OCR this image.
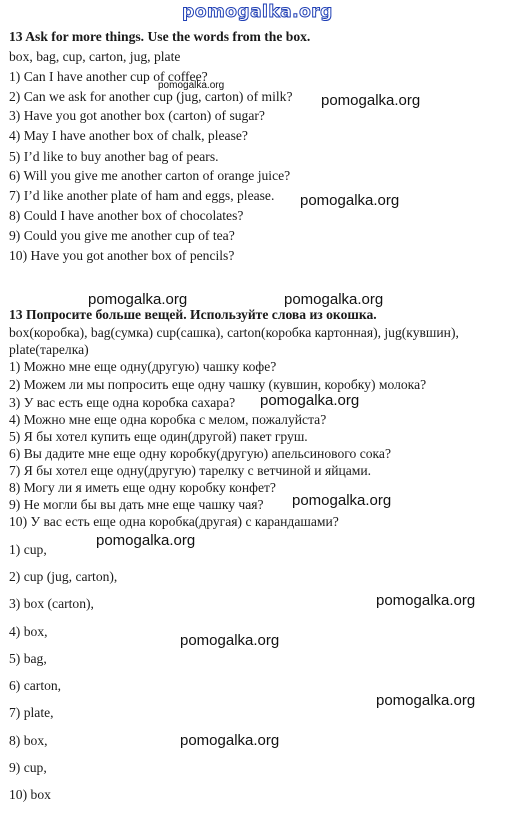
pomogalka.org
13 Ask for more things. Use the words from the box.
box, bag, cup, carton, jug, plate
1) Can I have another cup of coffee?
2) Can we ask for another cup (jug, carton) of milk?
3) Have you got another box (carton) of sugar?
4) May I have another box of chalk, please?
5) I’d like to buy another bag of pears.
6) Will you give me another carton of orange juice?
7) I’d like another plate of ham and eggs, please.
8) Could I have another box of chocolates?
9) Could you give me another cup of tea?
10) Have you got another box of pencils?
13 Попросите больше вещей. Используйте слова из окошка.
box(коробка), bag(сумка) cup(сашка), carton(коробка картонная), jug(кувшин),
plate(тарелка)
1) Можно мне еще одну(другую) чашку кофе?
2) Можем ли мы попросить еще одну чашку (кувшин, коробку) молока?
3) У вас есть еще одна коробка сахара?
4) Можно мне еще одна коробка с мелом, пожалуйста?
5) Я бы хотел купить еще один(другой) пакет груш.
6) Вы дадите мне еще одну коробку(другую) апельсинового сока?
7) Я бы хотел еще одну(другую) тарелку с ветчиной и яйцами.
8) Могу ли я иметь еще одну коробку конфет?
9) Не могли бы вы дать мне еще чашку чая?
10) У вас есть еще одна коробка(другая) с карандашами?
1) cup,
2) cup (jug, carton),
3) box (carton),
4) box,
5) bag,
6) carton,
7) plate,
8) box,
9) cup,
10) box
pomogalka.org
pomogalka.org
pomogalka.org
pomogalka.org	pomogalka.org
pomogalka.org
pomogalka.org
pomogalka.org
pomogalka.org
pomogalka.org
pomogalka.org
pomogalka.org
